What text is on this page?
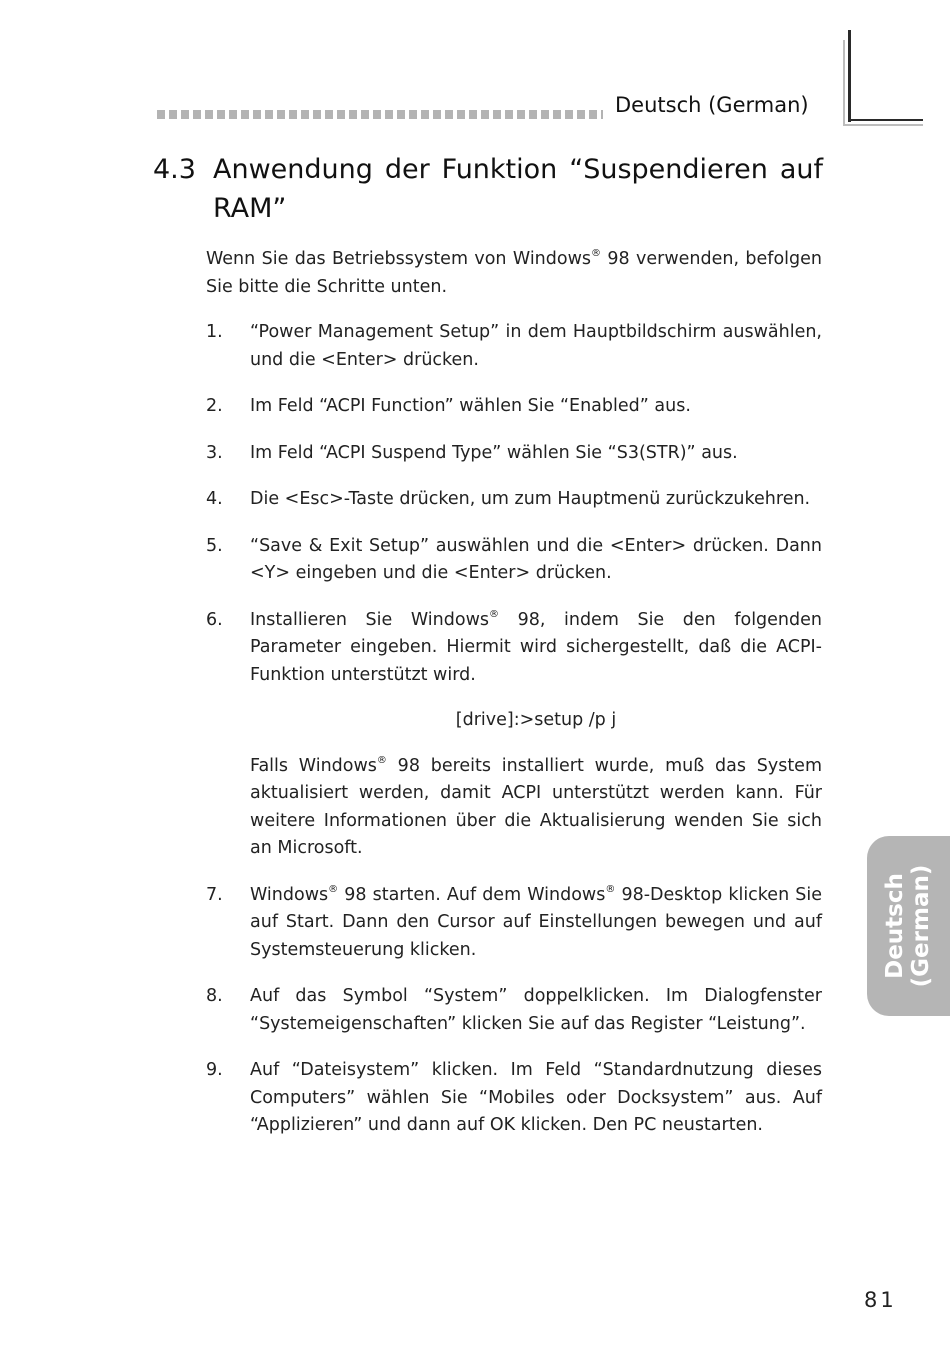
Deutsch (German)
4.3 Anwendung der Funktion “Suspendieren auf
RAM”
Wenn Sie das Betriebssystem von Windows® 98 verwenden, befolgen Sie bitte die Schritte unten.
1. “Power Management Setup” in dem Hauptbildschirm auswählen, und die <Enter> drücken.

2. Im Feld “ACPI Function” wählen Sie “Enabled” aus.

3. Im Feld “ACPI Suspend Type” wählen Sie “S3(STR)” aus.

4. Die <Esc>-Taste drücken, um zum Hauptmenü zurückzukehren.

5. “Save & Exit Setup” auswählen und die <Enter> drücken. Dann <Y> eingeben und die <Enter> drücken.

6. Installieren Sie Windows® 98, indem Sie den folgenden Parameter eingeben. Hiermit wird sichergestellt, daß die ACPI-Funktion unterstützt wird.

[drive]:>setup /p j

Falls Windows® 98 bereits installiert wurde, muß das System aktualisiert werden, damit ACPI unterstützt werden kann. Für weitere Informationen über die Aktualisierung wenden Sie sich an Microsoft.

7. Windows® 98 starten. Auf dem Windows® 98-Desktop klicken Sie auf Start. Dann den Cursor auf Einstellungen bewegen und auf Systemsteuerung klicken.

8. Auf das Symbol “System” doppelklicken. Im Dialogfenster “Systemeigenschaften” klicken Sie auf das Register “Leistung”.

9. Auf “Dateisystem” klicken. Im Feld “Standardnutzung dieses Computers” wählen Sie “Mobiles oder Docksystem” aus. Auf “Applizieren” und dann auf OK klicken. Den PC neustarten.

Deutsch (German)
81
